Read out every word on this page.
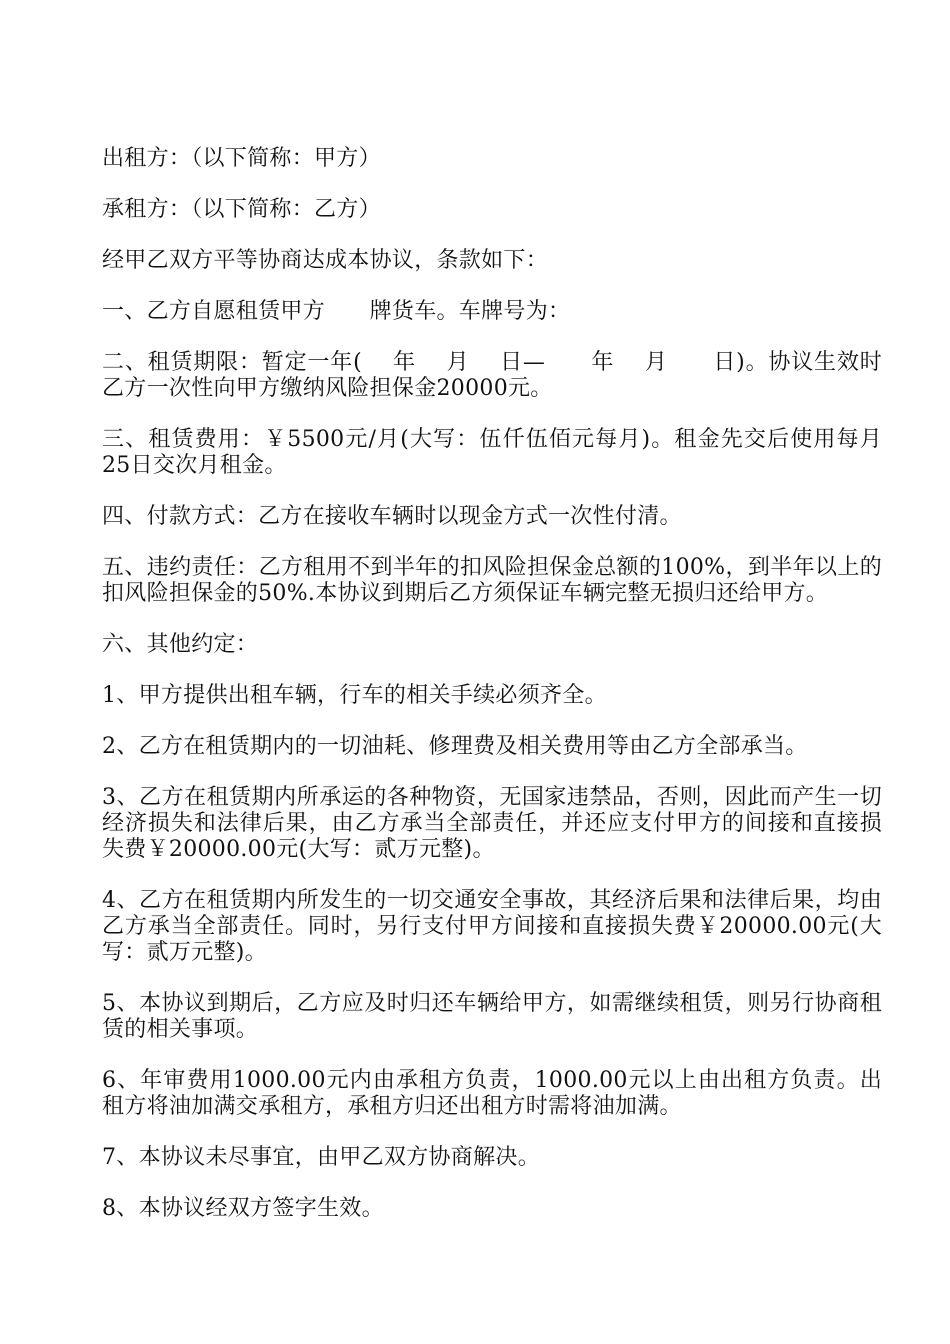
出租方：（以下简称：甲方）

承租方：（以下简称：乙方）

经甲乙双方平等协商达成本协议，条款如下：

一、乙方自愿租赁甲方　　牌货车。车牌号为：

二、租赁期限：暂定一年(　 年　 月　 日—　　年　 月　　日)。协议生效时乙方一次性向甲方缴纳风险担保金20000元。

三、租赁费用：￥5500元/月(大写：伍仟伍佰元每月)。租金先交后使用每月25日交次月租金。

四、付款方式：乙方在接收车辆时以现金方式一次性付清。

五、违约责任：乙方租用不到半年的扣风险担保金总额的100%，到半年以上的扣风险担保金的50%.本协议到期后乙方须保证车辆完整无损归还给甲方。

六、其他约定：

1、甲方提供出租车辆，行车的相关手续必须齐全。

2、乙方在租赁期内的一切油耗、修理费及相关费用等由乙方全部承当。

3、乙方在租赁期内所承运的各种物资，无国家违禁品，否则，因此而产生一切经济损失和法律后果，由乙方承当全部责任，并还应支付甲方的间接和直接损失费￥20000.00元(大写：贰万元整)。

4、乙方在租赁期内所发生的一切交通安全事故，其经济后果和法律后果，均由乙方承当全部责任。同时，另行支付甲方间接和直接损失费￥20000.00元(大写：贰万元整)。

5、本协议到期后，乙方应及时归还车辆给甲方，如需继续租赁，则另行协商租赁的相关事项。

6、年审费用1000.00元内由承租方负责，1000.00元以上由出租方负责。出租方将油加满交承租方，承租方归还出租方时需将油加满。

7、本协议未尽事宜，由甲乙双方协商解决。

8、本协议经双方签字生效。
